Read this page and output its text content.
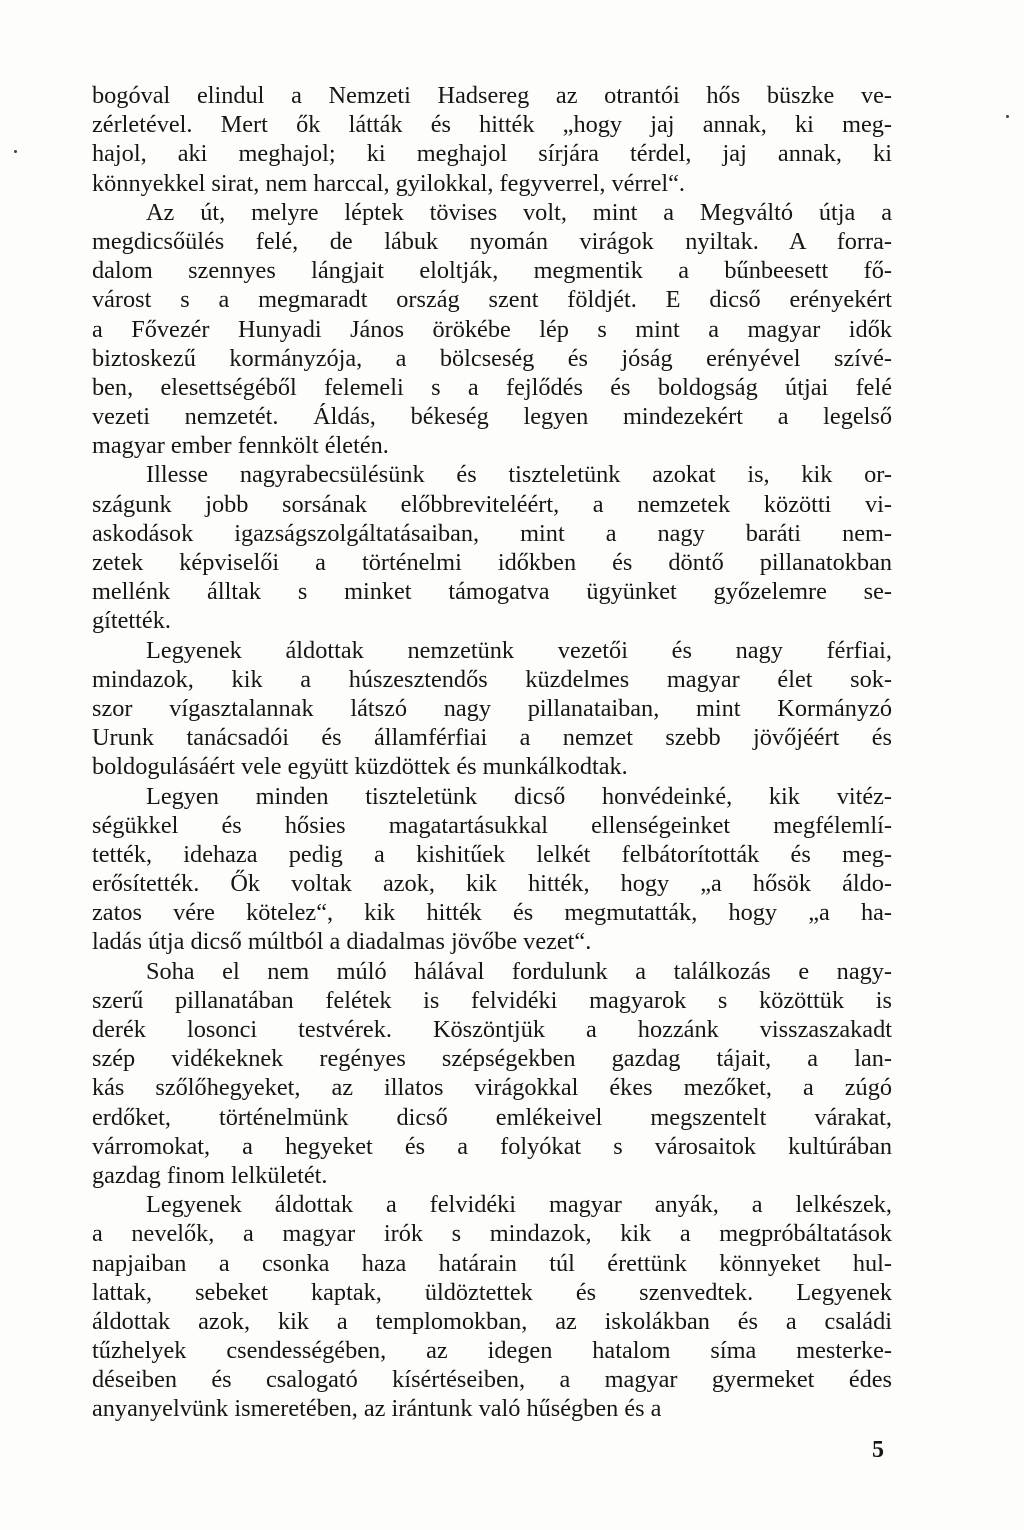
bogóval elindul a Nemzeti Hadsereg az otrantói hős büszke ve-
zérletével. Mert ők látták és hitték „hogy jaj annak, ki meg-
hajol, aki meghajol; ki meghajol sírjára térdel, jaj annak, ki
könnyekkel sirat, nem harccal, gyilokkal, fegyverrel, vérrel“.
Az út, melyre léptek tövises volt, mint a Megváltó útja a
megdicsőülés felé, de lábuk nyomán virágok nyiltak. A forra-
dalom szennyes lángjait eloltják, megmentik a bűnbeesett fő-
várost s a megmaradt ország szent földjét. E dicső erényekért
a Fővezér Hunyadi János örökébe lép s mint a magyar idők
biztoskezű kormányzója, a bölcseség és jóság erényével szívé-
ben, elesettségéből felemeli s a fejlődés és boldogság útjai felé
vezeti nemzetét. Áldás, békeség legyen mindezekért a legelső
magyar ember fennkölt életén.
Illesse nagyrabecsülésünk és tiszteletünk azokat is, kik or-
szágunk jobb sorsának előbbreviteléért, a nemzetek közötti vi-
askodások igazságszolgáltatásaiban, mint a nagy baráti nem-
zetek képviselői a történelmi időkben és döntő pillanatokban
mellénk álltak s minket támogatva ügyünket győzelemre se-
gítették.
Legyenek áldottak nemzetünk vezetői és nagy férfiai,
mindazok, kik a húszesztendős küzdelmes magyar élet sok-
szor vígasztalannak látszó nagy pillanataiban, mint Kormányzó
Urunk tanácsadói és államférfiai a nemzet szebb jövőjéért és
boldogulásáért vele együtt küzdöttek és munkálkodtak.
Legyen minden tiszteletünk dicső honvédeinké, kik vitéz-
ségükkel és hősies magatartásukkal ellenségeinket megfélemlí-
tették, idehaza pedig a kishitűek lelkét felbátorították és meg-
erősítették. Ők voltak azok, kik hitték, hogy „a hősök áldo-
zatos vére kötelez“, kik hitték és megmutatták, hogy „a ha-
ladás útja dicső múltból a diadalmas jövőbe vezet“.
Soha el nem múló hálával fordulunk a találkozás e nagy-
szerű pillanatában felétek is felvidéki magyarok s közöttük is
derék losonci testvérek. Köszöntjük a hozzánk visszaszakadt
szép vidékeknek regényes szépségekben gazdag tájait, a lan-
kás szőlőhegyeket, az illatos virágokkal ékes mezőket, a zúgó
erdőket, történelmünk dicső emlékeivel megszentelt várakat,
várromokat, a hegyeket és a folyókat s városaitok kultúrában
gazdag finom lelkületét.
Legyenek áldottak a felvidéki magyar anyák, a lelkészek,
a nevelők, a magyar irók s mindazok, kik a megpróbáltatások
napjaiban a csonka haza határain túl érettünk könnyeket hul-
lattak, sebeket kaptak, üldöztettek és szenvedtek. Legyenek
áldottak azok, kik a templomokban, az iskolákban és a családi
tűzhelyek csendességében, az idegen hatalom síma mesterke-
déseiben és csalogató kísértéseiben, a magyar gyermeket édes
anyanyelvünk ismeretében, az irántunk való hűségben és a
5
